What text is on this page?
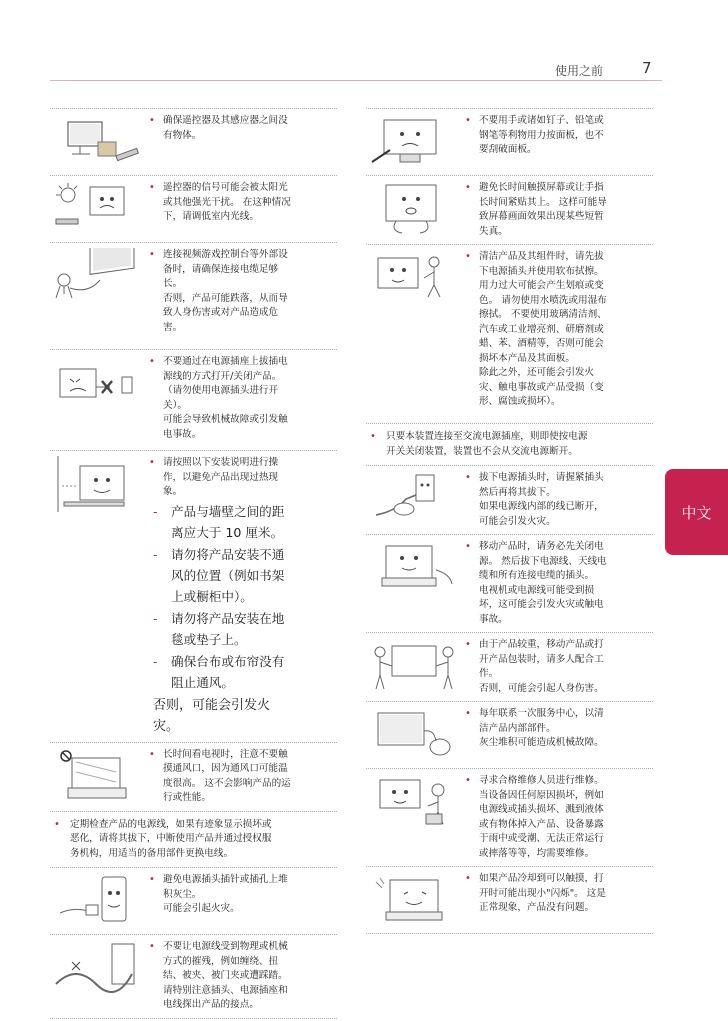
使用之前	7
中文
• 确保遥控器及其感应器之间没
有物体。
• 遥控器的信号可能会被太阳光
或其他强光干扰。 在这种情况
下，请调低室内光线。
• 连接视频游戏控制台等外部设
备时，请确保连接电缆足够
长。
否则，产品可能跌落，从而导
致人身伤害或对产品造成危
害。
• 不要通过在电源插座上拔插电
源线的方式打开/关闭产品。
（请勿使用电源插头进行开
关）。
可能会导致机械故障或引发触
电事故。
• 请按照以下安装说明进行操
作，以避免产品出现过热现
象。
-	产品与墙壁之间的距
离应大于 10 厘米。
-	请勿将产品安装不通
风的位置（例如书架
上或橱柜中）。
-	请勿将产品安装在地
毯或垫子上。
-	确保台布或布帘没有
阻止通风。
否则，可能会引发火
灾。
• 长时间看电视时，注意不要触
摸通风口，因为通风口可能温
度很高。 这不会影响产品的运
行或性能。
•	定期检查产品的电源线，如果有迹象显示损坏或
恶化，请将其拔下，中断使用产品并通过授权服
务机构，用适当的备用部件更换电线。
• 避免电源插头插针或插孔上堆
积灰尘。
可能会引起火灾。
• 不要让电源线受到物理或机械
方式的摧残，例如缠绕、扭
结、被夹、被门夹或遭踩踏。
请特别注意插头、电源插座和
电线探出产品的接点。
• 不要用手或诸如钉子、铅笔或
钢笔等利物用力按面板，也不
要刮破面板。
• 避免长时间触摸屏幕或让手指
长时间紧贴其上。 这样可能导
致屏幕画面效果出现某些短暂
失真。
• 清洁产品及其组件时，请先拔
下电源插头并使用软布拭擦。
用力过大可能会产生划痕或变
色。 请勿使用水喷洗或用湿布
擦拭。 不要使用玻璃清洁剂、
汽车或工业增亮剂、研磨剂或
蜡、苯、酒精等，否则可能会
损坏本产品及其面板。
除此之外，还可能会引发火
灾、触电事故或产品受损（变
形、腐蚀或损坏）。
•	只要本装置连接至交流电源插座，则即使按电源
开关关闭装置，装置也不会从交流电源断开。
• 拔下电源插头时，请握紧插头
然后再将其拔下。
如果电源线内部的线已断开，
可能会引发火灾。
• 移动产品时，请务必先关闭电
源。 然后拔下电源线、天线电
缆和所有连接电缆的插头。
电视机或电源线可能受到损
坏，这可能会引发火灾或触电
事故。
• 由于产品较重，移动产品或打
开产品包装时，请多人配合工
作。
否则，可能会引起人身伤害。
• 每年联系一次服务中心，以清
洁产品内部部件。
灰尘堆积可能造成机械故障。
• 寻求合格维修人员进行维修。
当设备因任何原因损坏，例如
电源线或插头损坏、溅到液体
或有物体掉入产品、设备暴露
于雨中或受潮、无法正常运行
或摔落等等，均需要维修。
• 如果产品冷却到可以触摸，打
开时可能出现小"闪烁"。 这是
正常现象，产品没有问题。
